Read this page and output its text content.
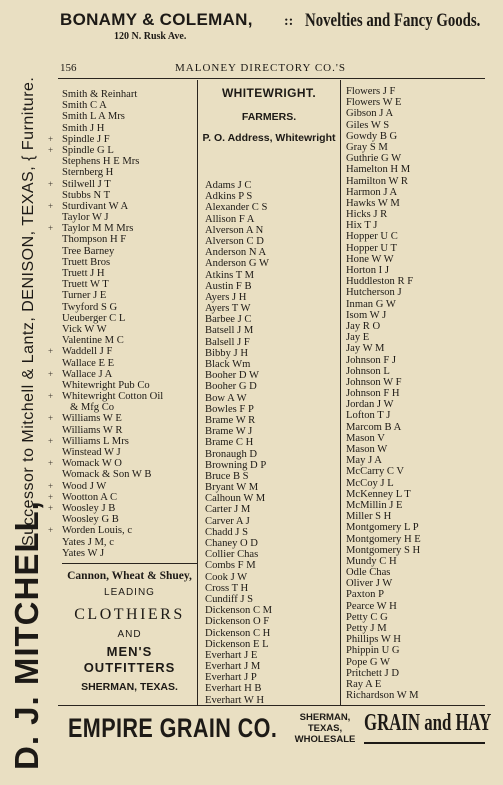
D. J. MITCHELL,
Successor to Mitchell & Lantz, DENISON, TEXAS, { Furniture.
BONAMY & COLEMAN,
120 N. Rusk Ave.
:: Novelties and Fancy Goods.
156	MALONEY DIRECTORY CO.'S
Smith & Reinhart
Smith C A
Smith L A Mrs
Smith J H
+ Spindle J F
+ Spindle G L
Stephens H E Mrs
Sternberg H
+ Stilwell J T
Stubbs N T
+ Sturdivant W A
Taylor W J
+ Taylor M M Mrs
Thompson H F
Tree Barney
Truett Bros
Truett J H
Truett W T
Turner J E
Twyford S G
Ueuberger C L
Vick W W
Valentine M C
+ Waddell J F
Wallace E E
+ Wallace J A
Whitewright Pub Co
+ Whitewright Cotton Oil
& Mfg Co
+ Williams W E
Williams W R
+ Williams L Mrs
Winstead W J
+ Womack W O
Womack & Son W B
+ Wood J W
+ Wootton A C
+ Woosley J B
Woosley G B
+ Worden Louis, c
Yates J M, c
Yates W J
WHITEWRIGHT.
FARMERS.
P. O. Address, Whitewright
Adams J C
Adkins P S
Alexander C S
Allison F A
Alverson A N
Alverson C D
Anderson N A
Anderson G W
Atkins T M
Austin F B
Ayers J H
Ayers T W
Barbee J C
Batsell J M
Balsell J F
Bibby J H
Black Wm
Booher D W
Booher G D
Bow A W
Bowles F P
Brame W R
Brame W J
Brame C H
Bronaugh D
Browning D P
Bruce B S
Bryant W M
Calhoun W M
Carter J M
Carver A J
Chadd J S
Chaney O D
Collier Chas
Combs F M
Cook J W
Cross T H
Cundiff J S
Dickenson C M
Dickenson O F
Dickenson C H
Dickenson E L
Everhart J E
Everhart J M
Everhart J P
Everhart H B
Everhart W H
Flowers J F
Flowers W E
Gibson J A
Giles W S
Gowdy B G
Gray S M
Guthrie G W
Hamelton H M
Hamilton W R
Harmon J A
Hawks W M
Hicks J R
Hix T J
Hopper U C
Hopper U T
Hone W W
Horton I J
Huddleston R F
Hutcherson J
Inman G W
Isom W J
Jay R O
Jay E
Jay W M
Johnson F J
Johnson L
Johnson W F
Johnson F H
Jordan J W
Lofton T J
Marcom B A
Mason V
Mason W
May J A
McCarry C V
McCoy J L
McKenney L T
McMillin J E
Miller S H
Montgomery L P
Montgomery H E
Montgomery S H
Mundy C H
Odle Chas
Oliver J W
Paxton P
Pearce W H
Petty C G
Petty J M
Phillips W H
Phippin U G
Pope G W
Pritchett J D
Ray A E
Richardson W M
Cannon, Wheat & Shuey,
LEADING
CLOTHIERS
AND
MEN'S OUTFITTERS
SHERMAN, TEXAS.
EMPIRE GRAIN CO.	SHERMAN,
TEXAS,
WHOLESALE
GRAIN and HAY
